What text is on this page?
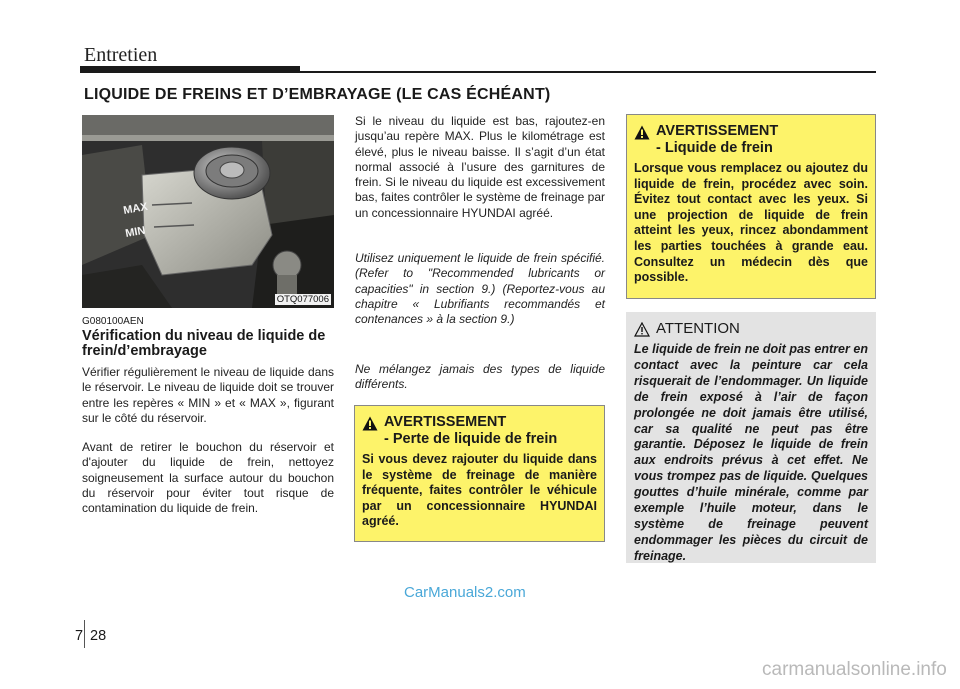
Entretien
LIQUIDE DE FREINS ET D’EMBRAYAGE (LE CAS ÉCHÉANT)
MAX
MIN
OTQ077006
G080100AEN
Vérification du niveau de liquide de frein/d’embrayage
Vérifier régulièrement le niveau de liquide dans le réservoir. Le niveau de liquide doit se trouver entre les repères « MIN » et « MAX », figurant sur le côté du réservoir.
Avant de retirer le bouchon du réservoir et d'ajouter du liquide de frein, nettoyez soigneusement la surface autour du bouchon du réservoir pour éviter tout risque de contamination du liquide de frein.
Si le niveau du liquide est bas, rajoutez-en jusqu’au repère MAX. Plus le kilométrage est élevé, plus le niveau baisse. Il s’agit d’un état normal associé à l’usure des garnitures de frein. Si le niveau du liquide est excessivement bas, faites contrôler le système de freinage par un concessionnaire HYUNDAI agréé.
Utilisez uniquement le liquide de frein spécifié. (Refer to "Recommended lubricants or capacities" in section 9.) (Reportez-vous au chapitre « Lubrifiants recommandés et contenances » à la section 9.)
Ne mélangez jamais des types de liquide différents.
AVERTISSEMENT
- Perte de liquide de frein
Si vous devez rajouter du liquide dans le système de freinage de manière fréquente, faites contrôler le véhicule par un concessionnaire HYUNDAI agréé.
AVERTISSEMENT
- Liquide de frein
Lorsque vous remplacez ou ajoutez du liquide de frein, procédez avec soin. Évitez tout contact avec les yeux. Si une projection de liquide de frein atteint les yeux, rincez abondamment les parties touchées à grande eau. Consultez un médecin dès que possible.
ATTENTION
Le liquide de frein ne doit pas entrer en contact avec la peinture car cela risquerait de l’endommager. Un liquide de frein exposé à l’air de façon prolongée ne doit jamais être utilisé, car sa qualité ne peut pas être garantie. Déposez le liquide de frein aux endroits prévus à cet effet. Ne vous trompez pas de liquide. Quelques gouttes d’huile minérale, comme par exemple l’huile moteur, dans le système de freinage peuvent endommager les pièces du circuit de freinage.
CarManuals2.com
7 28
carmanualsonline.info
